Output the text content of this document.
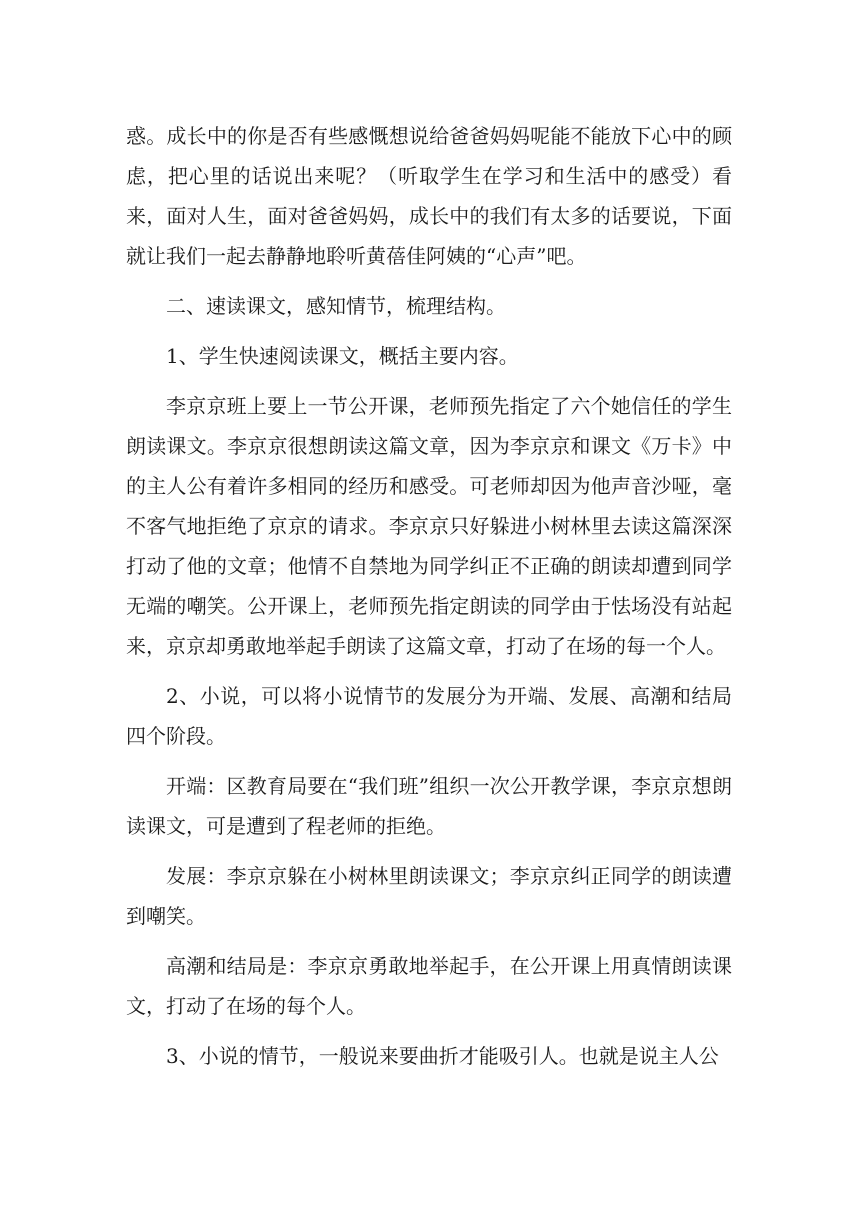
惑。成长中的你是否有些感慨想说给爸爸妈妈呢能不能放下心中的顾虑，把心里的话说出来呢？（听取学生在学习和生活中的感受）看来，面对人生，面对爸爸妈妈，成长中的我们有太多的话要说，下面就让我们一起去静静地聆听黄蓓佳阿姨的“心声”吧。

二、速读课文，感知情节，梳理结构。

1、学生快速阅读课文，概括主要内容。

李京京班上要上一节公开课，老师预先指定了六个她信任的学生朗读课文。李京京很想朗读这篇文章，因为李京京和课文《万卡》中的主人公有着许多相同的经历和感受。可老师却因为他声音沙哑，毫不客气地拒绝了京京的请求。李京京只好躲进小树林里去读这篇深深打动了他的文章；他情不自禁地为同学纠正不正确的朗读却遭到同学无端的嘲笑。公开课上，老师预先指定朗读的同学由于怯场没有站起来，京京却勇敢地举起手朗读了这篇文章，打动了在场的每一个人。

2、小说，可以将小说情节的发展分为开端、发展、高潮和结局四个阶段。

开端：区教育局要在“我们班”组织一次公开教学课，李京京想朗读课文，可是遭到了程老师的拒绝。

发展：李京京躲在小树林里朗读课文；李京京纠正同学的朗读遭到嘲笑。

高潮和结局是：李京京勇敢地举起手，在公开课上用真情朗读课文，打动了在场的每个人。

3、小说的情节，一般说来要曲折才能吸引人。也就是说主人公
